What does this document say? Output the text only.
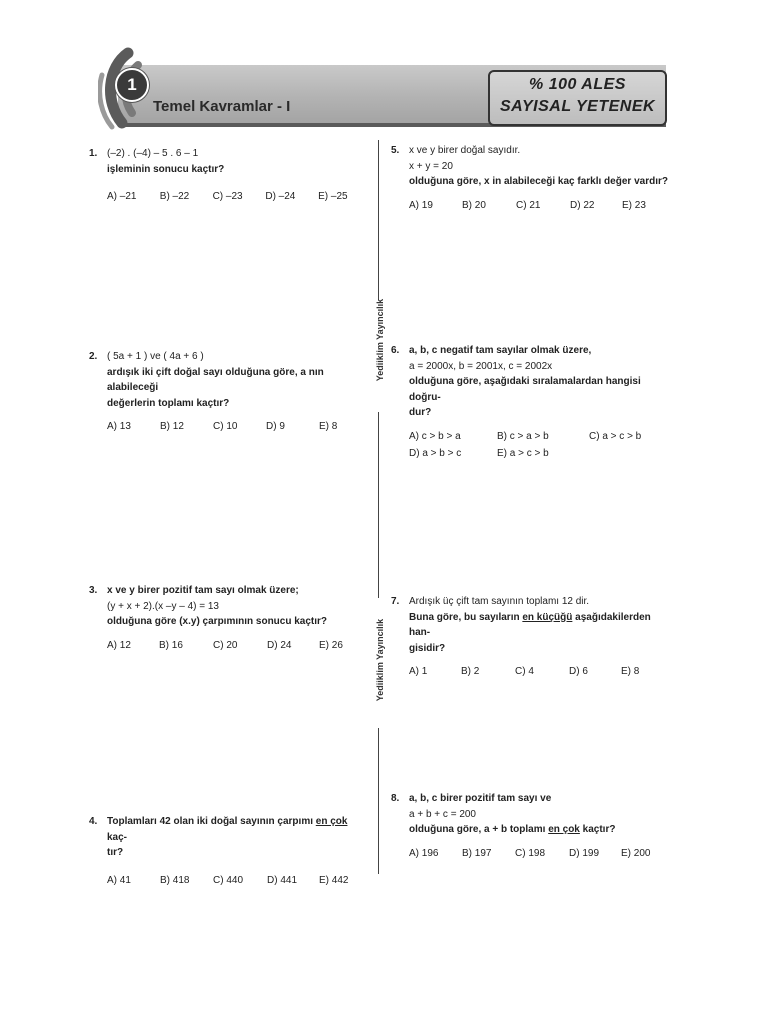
1
Temel Kavramlar - I
% 100 ALES
SAYISAL YETENEK
Yediiklim Yayıncılık
Yediiklim Yayıncılık
1. (–2) . (–4) – 5 . 6 – 1
işleminin sonucu kaçtır?
A) –21	B) –22	C) –23	D) –24	E) –25
2. ( 5a + 1 ) ve ( 4a + 6 )
ardışık iki çift doğal sayı olduğuna göre, a nın alabileceği
değerlerin toplamı kaçtır?
A) 13	B) 12	C) 10	D) 9	E) 8
3. x ve y birer pozitif tam sayı olmak üzere;
(y + x + 2).(x –y – 4) = 13
olduğuna göre (x.y) çarpımının sonucu kaçtır?
A) 12	B) 16	C) 20	D) 24	E) 26
4. Toplamları 42 olan iki doğal sayının çarpımı en çok kaç-
tır?
A) 41	B) 418	C) 440	D) 441	E) 442
5. x ve y birer doğal sayıdır.
x + y = 20
olduğuna göre, x in alabileceği kaç farklı değer vardır?
A) 19	B) 20	C) 21	D) 22	E) 23
6. a, b, c negatif tam sayılar olmak üzere,
a = 2000x, b = 2001x, c = 2002x
olduğuna göre, aşağıdaki sıralamalardan hangisi doğru-
dur?
A) c > b > a	B) c > a > b	C) a > c > b
D) a > b > c	E) a > c > b
7. Ardışık üç çift tam sayının toplamı 12 dir.
Buna göre, bu sayıların en küçüğü aşağıdakilerden han-
gisidir?
A) 1	B) 2	C) 4	D) 6	E) 8
8. a, b, c birer pozitif tam sayı ve
a + b + c = 200
olduğuna göre, a + b toplamı en çok kaçtır?
A) 196	B) 197	C) 198	D) 199	E) 200
